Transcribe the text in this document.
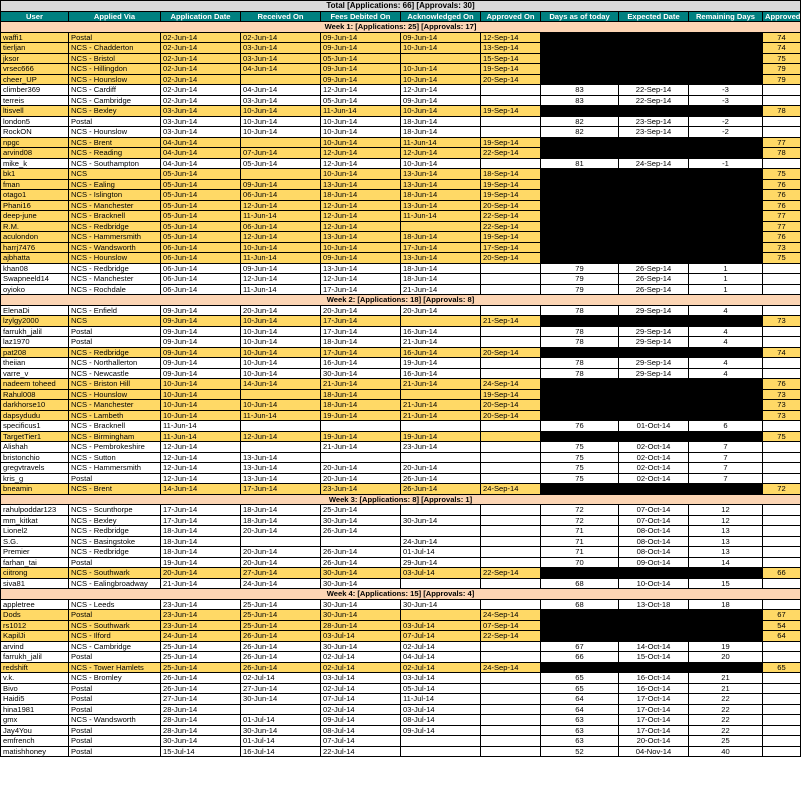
Total [Applications: 66] [Approvals: 30]										
User	Applied Via	Application Date	Received On	Fees Debited On	Acknowledged On	Approved On	Days as of today	Expected Date	Remaining Days	Approved In
Week 1: [Applications: 25] [Approvals: 17]										
waffi1	Postal	02-Jun-14	02-Jun-14	09-Jun-14	09-Jun-14	12-Sep-14				74
tierljan	NCS - Chadderton	02-Jun-14	03-Jun-14	09-Jun-14	10-Jun-14	13-Sep-14				74
jksor	NCS - Bristol	02-Jun-14	03-Jun-14	05-Jun-14		15-Sep-14				75
vrsec666	NCS - Hillingdon	02-Jun-14	04-Jun-14	09-Jun-14	10-Jun-14	19-Sep-14				79
cheer_UP	NCS - Hounslow	02-Jun-14		09-Jun-14	10-Jun-14	20-Sep-14				79
climber369	NCS - Cardiff	02-Jun-14	04-Jun-14	12-Jun-14	12-Jun-14		83	22-Sep-14	-3	
terreis	NCS - Cambridge	02-Jun-14	03-Jun-14	05-Jun-14	09-Jun-14		83	22-Sep-14	-3	
ltisvell	NCS - Bexley	03-Jun-14	10-Jun-14	11-Jun-14	10-Jun-14	19-Sep-14				78
london5	Postal	03-Jun-14	10-Jun-14	10-Jun-14	18-Jun-14		82	23-Sep-14	-2	
RockON	NCS - Hounslow	03-Jun-14	10-Jun-14	10-Jun-14	18-Jun-14		82	23-Sep-14	-2	
npgc	NCS - Brent	04-Jun-14		10-Jun-14	11-Jun-14	19-Sep-14				77
arvind08	NCS - Reading	04-Jun-14	07-Jun-14	12-Jun-14	12-Jun-14	22-Sep-14				78
mike_k	NCS - Southampton	04-Jun-14	05-Jun-14	12-Jun-14	10-Jun-14		81	24-Sep-14	-1	
bk1	NCS	05-Jun-14		10-Jun-14	13-Jun-14	18-Sep-14				75
fman	NCS - Ealing	05-Jun-14	09-Jun-14	13-Jun-14	13-Jun-14	19-Sep-14				76
otago1	NCS - Islington	05-Jun-14	06-Jun-14	18-Jun-14	18-Jun-14	19-Sep-14				76
Phani16	NCS - Manchester	05-Jun-14	12-Jun-14	12-Jun-14	13-Jun-14	20-Sep-14				76
deep-june	NCS - Bracknell	05-Jun-14	11-Jun-14	12-Jun-14	11-Jun-14	22-Sep-14				77
R.M.	NCS - Redbridge	05-Jun-14	06-Jun-14	12-Jun-14		22-Sep-14				77
aculondon	NCS - Hammersmith	05-Jun-14	12-Jun-14	13-Jun-14	18-Jun-14	19-Sep-14				76
harrj7476	NCS - Wandsworth	06-Jun-14	10-Jun-14	10-Jun-14	17-Jun-14	17-Sep-14				73
ajbhatta	NCS - Hounslow	06-Jun-14	11-Jun-14	09-Jun-14	13-Jun-14	20-Sep-14				75
khan08	NCS - Redbridge	06-Jun-14	09-Jun-14	13-Jun-14	18-Jun-14		79	26-Sep-14	1	
Swapneeld14	NCS - Manchester	06-Jun-14	12-Jun-14	12-Jun-14	18-Jun-14		79	26-Sep-14	1	
oyioko	NCS - Rochdale	06-Jun-14	11-Jun-14	17-Jun-14	21-Jun-14		79	26-Sep-14	1	
Week 2: [Applications: 18] [Approvals: 8]										
ElenaDi	NCS - Enfield	09-Jun-14	20-Jun-14	20-Jun-14	20-Jun-14		78	29-Sep-14	4	
lzylgy2000	NCS	09-Jun-14	10-Jun-14	17-Jun-14		21-Sep-14				73
farrukh_jalil	Postal	09-Jun-14	10-Jun-14	17-Jun-14	16-Jun-14		78	29-Sep-14	4	
laz1970	Postal	09-Jun-14	10-Jun-14	18-Jun-14	21-Jun-14		78	29-Sep-14	4	
pat208	NCS - Redbridge	09-Jun-14	10-Jun-14	17-Jun-14	16-Jun-14	20-Sep-14				74
theiian	NCS - Northallerton	09-Jun-14	10-Jun-14	16-Jun-14	19-Jun-14		78	29-Sep-14	4	
varre_v	NCS - Newcastle	09-Jun-14	10-Jun-14	30-Jun-14	16-Jun-14		78	29-Sep-14	4	
nadeem toheed	NCS - Briston Hill	10-Jun-14	14-Jun-14	21-Jun-14	21-Jun-14	24-Sep-14				76
Rahul008	NCS - Hounslow	10-Jun-14		18-Jun-14		19-Sep-14				73
darkhorse10	NCS - Manchester	10-Jun-14	10-Jun-14	18-Jun-14	21-Jun-14	20-Sep-14				73
dapsydudu	NCS - Lambeth	10-Jun-14	11-Jun-14	19-Jun-14	21-Jun-14	20-Sep-14				73
specificus1	NCS - Bracknell	11-Jun-14					76	01-Oct-14	6	
TargetTier1	NCS - Birmingham	11-Jun-14	12-Jun-14	19-Jun-14	19-Jun-14					75
Alishah	NCS - Pembrokeshire	12-Jun-14		21-Jun-14	23-Jun-14		75	02-Oct-14	7	
bristonchio	NCS - Sutton	12-Jun-14	13-Jun-14				75	02-Oct-14	7	
gregvtravels	NCS - Hammersmith	12-Jun-14	13-Jun-14	20-Jun-14	20-Jun-14		75	02-Oct-14	7	
kris_g	Postal	12-Jun-14	13-Jun-14	20-Jun-14	26-Jun-14		75	02-Oct-14	7	
bneamin	NCS - Brent	14-Jun-14	17-Jun-14	23-Jun-14	26-Jun-14	24-Sep-14				72
Week 3: [Applications: 8] [Approvals: 1]										
rahulpoddar123	NCS - Scunthorpe	17-Jun-14	18-Jun-14	25-Jun-14			72	07-Oct-14	12	
mm_kitkat	NCS - Bexley	17-Jun-14	18-Jun-14	30-Jun-14	30-Jun-14		72	07-Oct-14	12	
Lionel2	NCS - Redbridge	18-Jun-14	20-Jun-14	26-Jun-14			71	08-Oct-14	13	
S.G.	NCS - Basingstoke	18-Jun-14			24-Jun-14		71	08-Oct-14	13	
Premier	NCS - Redbridge	18-Jun-14	20-Jun-14	26-Jun-14	01-Jul-14		71	08-Oct-14	13	
farhan_tai	Postal	19-Jun-14	20-Jun-14	26-Jun-14	29-Jun-14		70	09-Oct-14	14	
ciitrong	NCS - Southwark	20-Jun-14	27-Jun-14	30-Jun-14	03-Jul-14	22-Sep-14				66
siva81	NCS - Ealingbroadway	21-Jun-14	24-Jun-14	30-Jun-14			68	10-Oct-14	15	
Week 4: [Applications: 15] [Approvals: 4]										
appletree	NCS - Leeds	23-Jun-14	25-Jun-14	30-Jun-14	30-Jun-14		68	13-Oct-18	18	
Dods	Postal	23-Jun-14	25-Jun-14	30-Jun-14		24-Sep-14				67
rs1012	NCS - Southwark	23-Jun-14	25-Jun-14	28-Jun-14	03-Jul-14	07-Sep-14				54
KapilJi	NCS - Ilford	24-Jun-14	26-Jun-14	03-Jul-14	07-Jul-14	22-Sep-14				64
arvind	NCS - Cambridge	25-Jun-14	26-Jun-14	30-Jun-14	02-Jul-14		67	14-Oct-14	19	
farrukh_jalil	Postal	25-Jun-14	26-Jun-14	02-Jul-14	04-Jul-14		66	15-Oct-14	20	
redshift	NCS - Tower Hamlets	25-Jun-14	26-Jun-14	02-Jul-14	02-Jul-14	24-Sep-14				65
v.k.	NCS - Bromley	26-Jun-14	02-Jul-14	03-Jul-14	03-Jul-14		65	16-Oct-14	21	
Bivo	Postal	26-Jun-14	27-Jun-14	02-Jul-14	05-Jul-14		65	16-Oct-14	21	
Haidi5	Postal	27-Jun-14	30-Jun-14	07-Jul-14	11-Jul-14		64	17-Oct-14	22	
hina1981	Postal	28-Jun-14		02-Jul-14	03-Jul-14		64	17-Oct-14	22	
gmx	NCS - Wandsworth	28-Jun-14	01-Jul-14	09-Jul-14	08-Jul-14		63	17-Oct-14	22	
Jay4You	Postal	28-Jun-14	30-Jun-14	08-Jul-14	09-Jul-14		63	17-Oct-14	22	
emfrench	Postal	30-Jun-14	01-Jul-14	07-Jul-14			63	20-Oct-14	25	
matishhoney	Postal	15-Jul-14	16-Jul-14	22-Jul-14			52	04-Nov-14	40	
